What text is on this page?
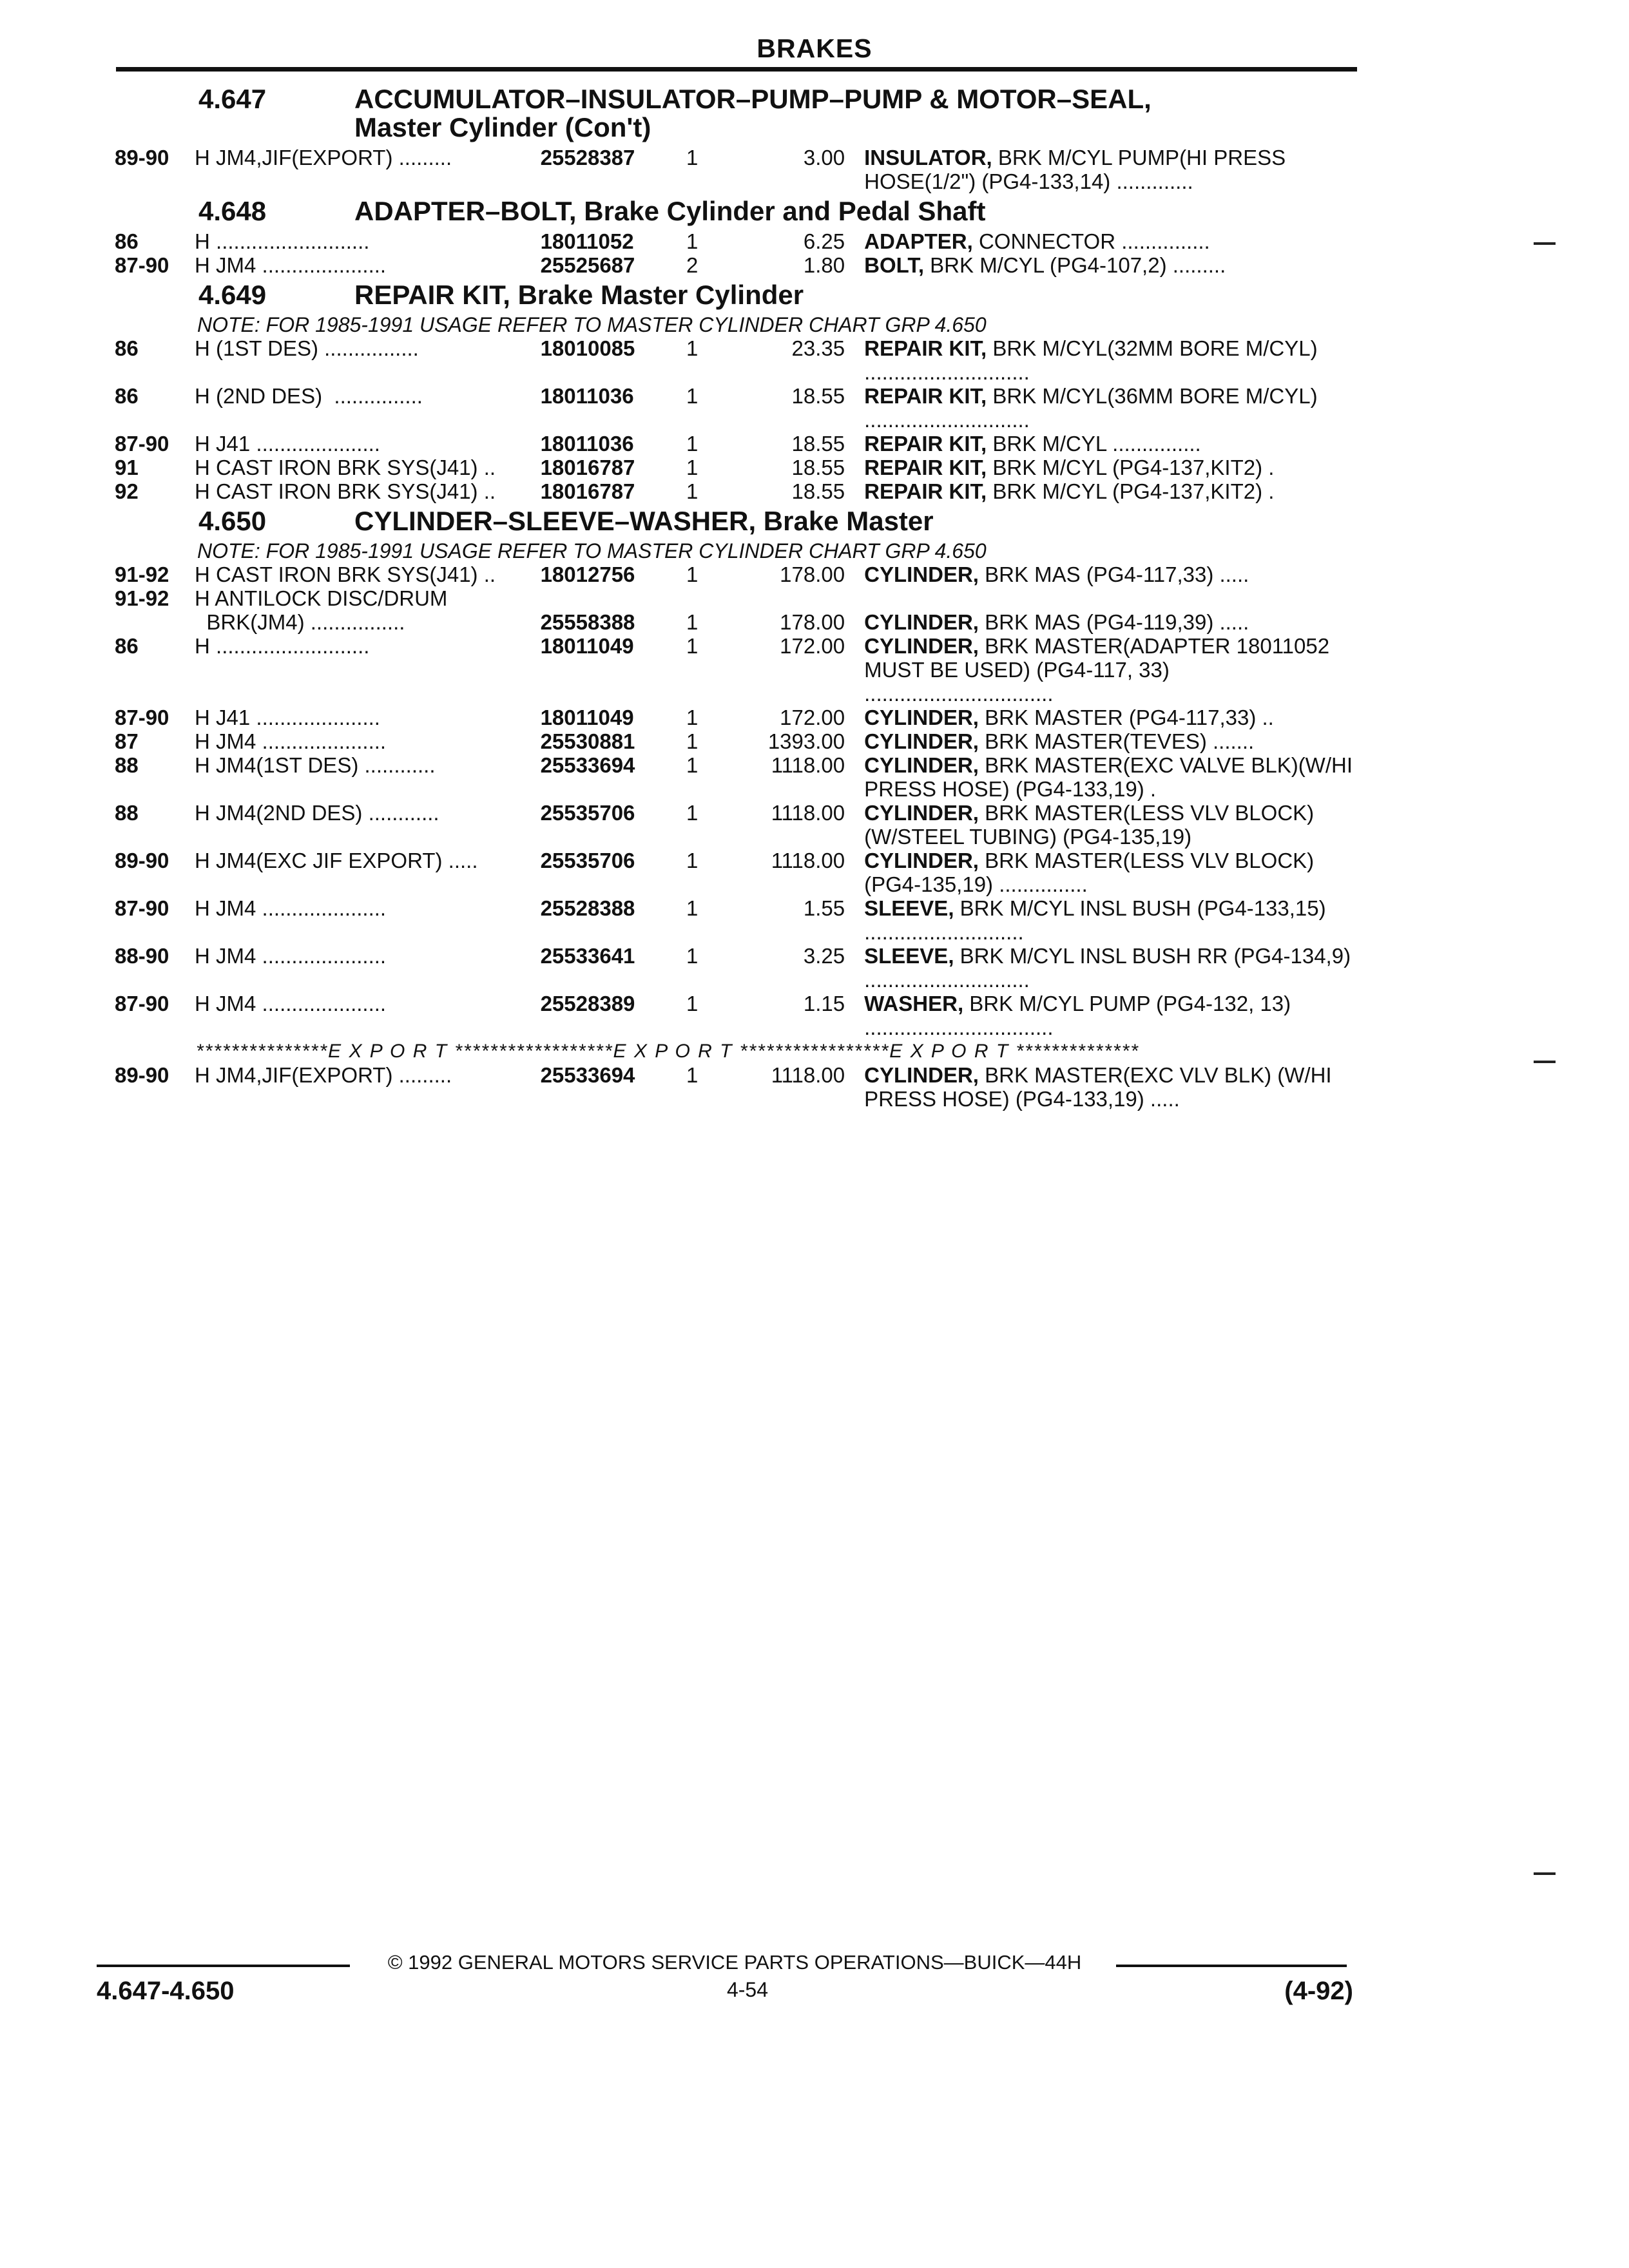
BRAKES
4.647	ACCUMULATOR–INSULATOR–PUMP–PUMP & MOTOR–SEAL,
Master Cylinder (Con't)
89-90	H JM4,JIF(EXPORT) .........	25528387	1	3.00 INSULATOR, BRK M/CYL PUMP(HI PRESS HOSE(1/2") (PG4-133,14) .............
4.648	ADAPTER–BOLT, Brake Cylinder and Pedal Shaft
86	H ..........................	18011052	1	6.25 ADAPTER, CONNECTOR ...............
87-90	H JM4 .....................	25525687	2	1.80 BOLT, BRK M/CYL (PG4-107,2) .........
4.649	REPAIR KIT, Brake Master Cylinder
NOTE: FOR 1985-1991 USAGE REFER TO MASTER CYLINDER CHART GRP 4.650
86	H (1ST DES) ................	18010085	1	23.35 REPAIR KIT, BRK M/CYL(32MM BORE M/CYL) ............................
86	H (2ND DES)  ...............	18011036	1	18.55 REPAIR KIT, BRK M/CYL(36MM BORE M/CYL) ............................
87-90	H J41 .....................	18011036	1	18.55 REPAIR KIT, BRK M/CYL ...............
91	H CAST IRON BRK SYS(J41) ..	18016787	1	18.55 REPAIR KIT, BRK M/CYL (PG4-137,KIT2) .
92	H CAST IRON BRK SYS(J41) ..	18016787	1	18.55 REPAIR KIT, BRK M/CYL (PG4-137,KIT2) .
4.650	CYLINDER–SLEEVE–WASHER, Brake Master
NOTE: FOR 1985-1991 USAGE REFER TO MASTER CYLINDER CHART GRP 4.650
91-92	H CAST IRON BRK SYS(J41) ..	18012756	1	178.00 CYLINDER, BRK MAS (PG4-117,33) .....
91-92	H ANTILOCK DISC/DRUM
BRK(JM4) ................	25558388	1	178.00 CYLINDER, BRK MAS (PG4-119,39) .....
86	H ..........................	18011049	1	172.00 CYLINDER, BRK MASTER(ADAPTER 18011052 MUST BE USED) (PG4-117, 33) ................................
87-90	H J41 .....................	18011049	1	172.00 CYLINDER, BRK MASTER (PG4-117,33) ..
87	H JM4 .....................	25530881	1	1393.00 CYLINDER, BRK MASTER(TEVES) .......
88	H JM4(1ST DES) ............	25533694	1	1118.00 CYLINDER, BRK MASTER(EXC VALVE BLK)(W/HI PRESS HOSE) (PG4-133,19) .
88	H JM4(2ND DES) ............	25535706	1	1118.00 CYLINDER, BRK MASTER(LESS VLV BLOCK)(W/STEEL TUBING) (PG4-135,19)
89-90	H JM4(EXC JIF EXPORT) .....	25535706	1	1118.00 CYLINDER, BRK MASTER(LESS VLV BLOCK) (PG4-135,19) ...............
87-90	H JM4 .....................	25528388	1	1.55 SLEEVE, BRK M/CYL INSL BUSH (PG4-133,15) ...........................
88-90	H JM4 .....................	25533641	1	3.25 SLEEVE, BRK M/CYL INSL BUSH RR (PG4-134,9) ............................
87-90	H JM4 .....................	25528389	1	1.15 WASHER, BRK M/CYL PUMP (PG4-132, 13) ................................
***************E X P O R T ******************E X P O R T *****************E X P O R T **************
89-90	H JM4,JIF(EXPORT) .........	25533694	1	1118.00 CYLINDER, BRK MASTER(EXC VLV BLK) (W/HI PRESS HOSE) (PG4-133,19) .....
© 1992 GENERAL MOTORS SERVICE PARTS OPERATIONS—BUICK—44H
4.647-4.650	4-54	(4-92)
